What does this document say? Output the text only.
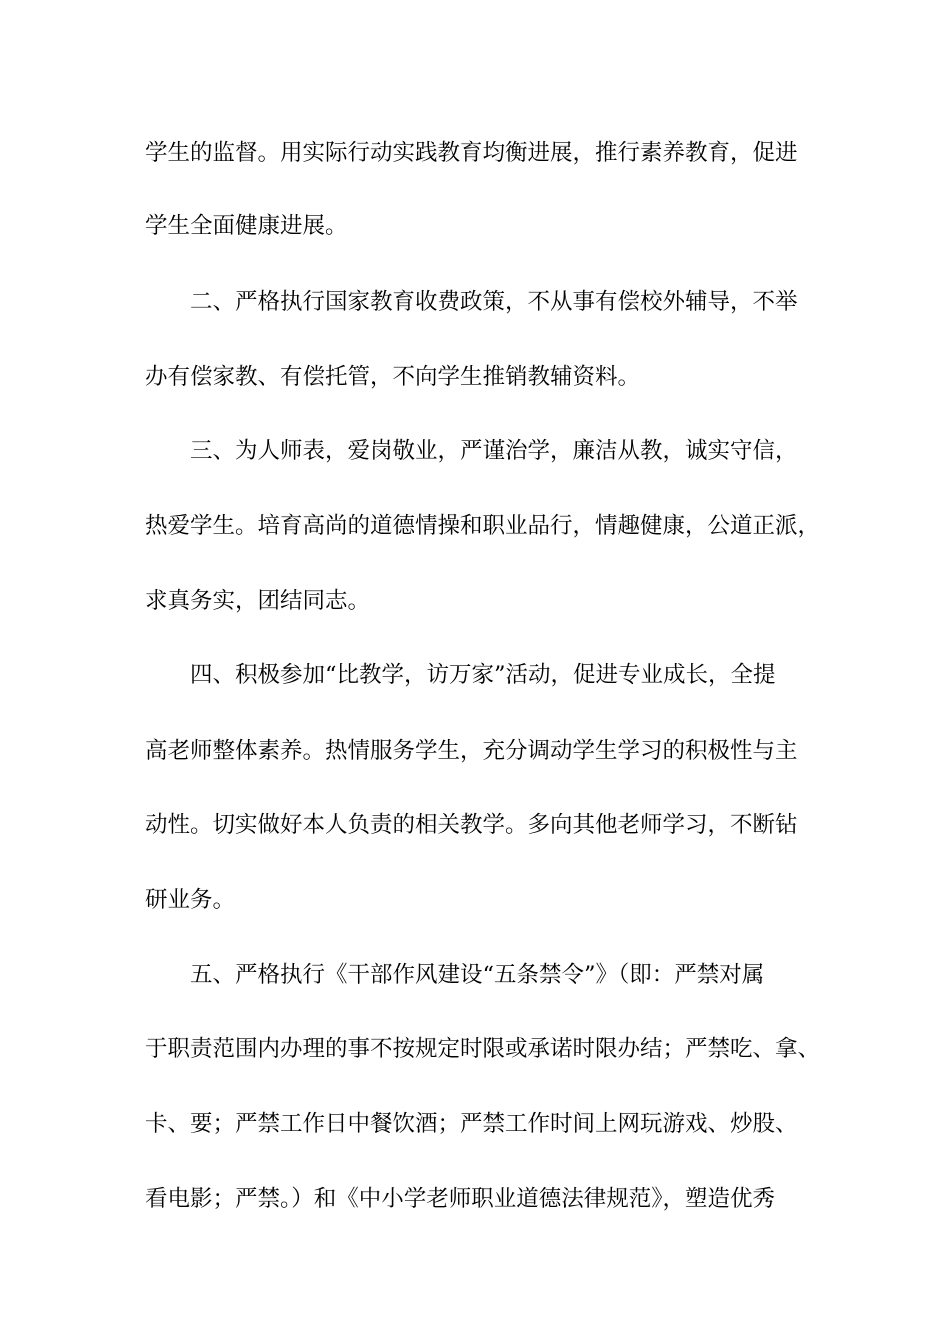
学生的监督。用实际行动实践教育均衡进展，推行素养教育，促进
学生全面健康进展。
二、严格执行国家教育收费政策，不从事有偿校外辅导，不举
办有偿家教、有偿托管，不向学生推销教辅资料。
三、为人师表，爱岗敬业，严谨治学，廉洁从教，诚实守信，
热爱学生。培育高尚的道德情操和职业品行，情趣健康，公道正派，
求真务实，团结同志。
四、积极参加“比教学，访万家”活动，促进专业成长，全提
高老师整体素养。热情服务学生，充分调动学生学习的积极性与主
动性。切实做好本人负责的相关教学。多向其他老师学习，不断钻
研业务。
五、严格执行《干部作风建设“五条禁令”》（即：严禁对属
于职责范围内办理的事不按规定时限或承诺时限办结；严禁吃、拿、
卡、要；严禁工作日中餐饮酒；严禁工作时间上网玩游戏、炒股、
看电影；严禁。）和《中小学老师职业道德法律规范》，塑造优秀
